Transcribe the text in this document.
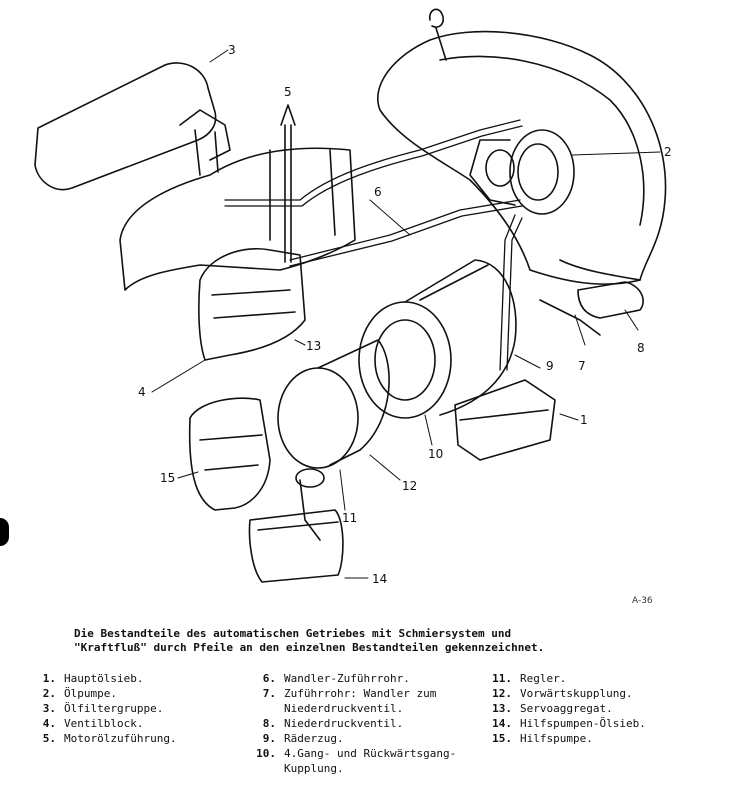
3
5
2
6
8
13
9 7
4
1
10
15
12
11
14
A-36
Die Bestandteile des automatischen Getriebes mit Schmiersystem und
"Kraftfluß" durch Pfeile an den einzelnen Bestandteilen gekennzeichnet.
1. Hauptölsieb.
2. Ölpumpe.
3. Ölfiltergruppe.
4. Ventilblock.
5. Motorölzuführung.
6. Wandler-Zuführrohr.
7. Zuführrohr: Wandler zum
Niederdruckventil.
8. Niederdruckventil.
9. Räderzug.
10. 4.Gang- und Rückwärtsgang-
Kupplung.
11. Regler.
12. Vorwärtskupplung.
13. Servoaggregat.
14. Hilfspumpen-Ölsieb.
15. Hilfspumpe.
